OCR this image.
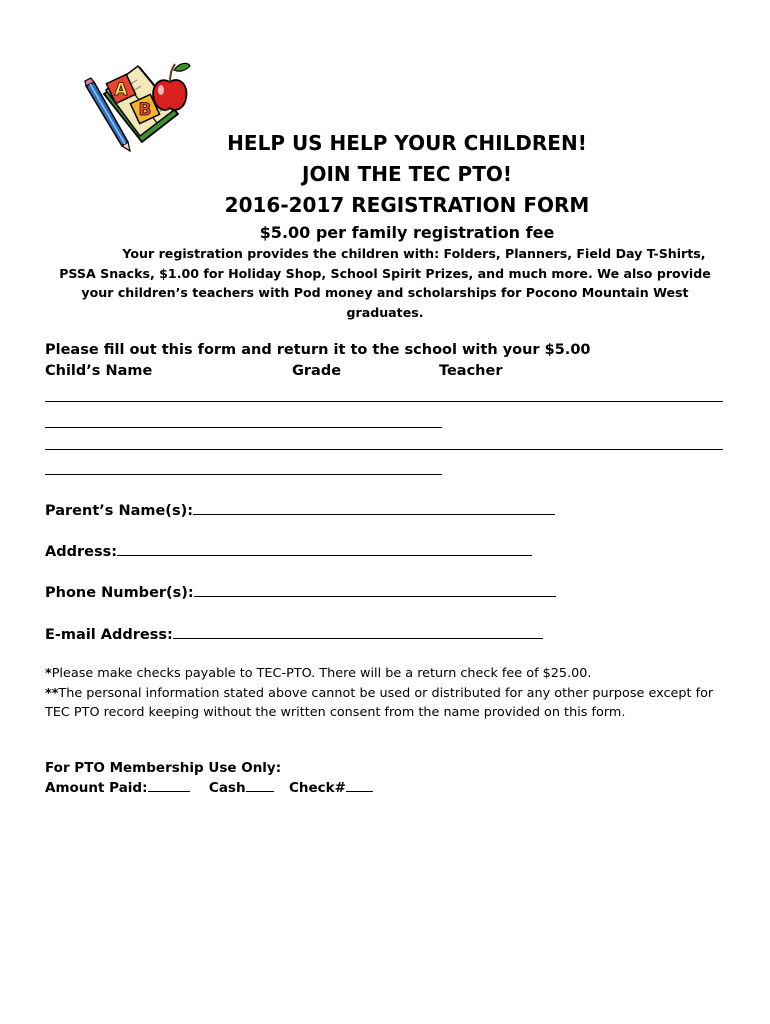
A
B
HELP US HELP YOUR CHILDREN!
JOIN THE TEC PTO!
2016-2017 REGISTRATION FORM
$5.00 per family registration fee
Your registration provides the children with: Folders, Planners, Field Day T-Shirts, PSSA Snacks, $1.00 for Holiday Shop, School Spirit Prizes, and much more. We also provide your children’s teachers with Pod money and scholarships for Pocono Mountain West graduates.
Please fill out this form and return it to the school with your $5.00
Child’s Name	Grade	Teacher
Parent’s Name(s):
Address:
Phone Number(s):
E-mail Address:
*Please make checks payable to TEC-PTO. There will be a return check fee of $25.00.
**The personal information stated above cannot be used or distributed for any other purpose except for TEC PTO record keeping without the written consent from the name provided on this form.
For PTO Membership Use Only:
Amount Paid:	Cash	Check#
